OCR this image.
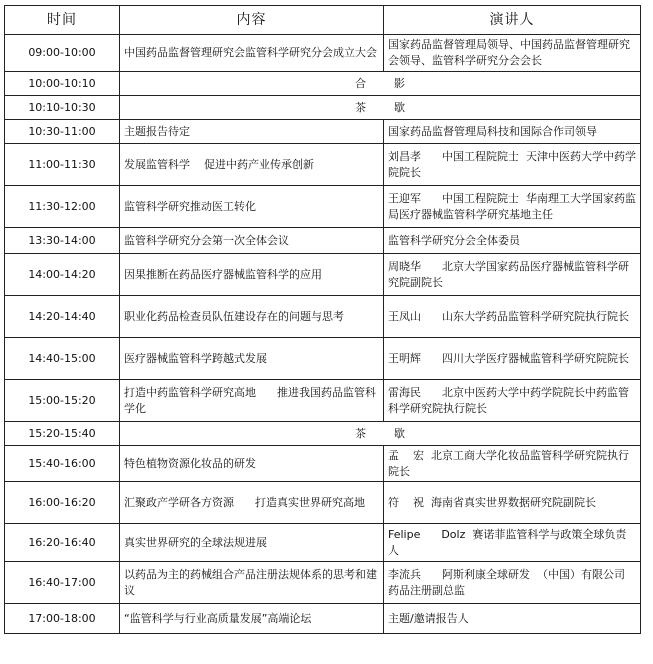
时间	内容	演讲人
09:00-10:00	中国药品监督管理研究会监管科学研究分会成立大会	国家药品监督管理局领导、中国药品监督管理研究会领导、监管科学研究分会会长
10:00-10:10	合        影	
10:10-10:30	茶        歇	
10:30-11:00	主题报告待定	国家药品监督管理局科技和国际合作司领导
11:00-11:30	发展监管科学    促进中药产业传承创新	刘昌孝      中国工程院院士  天津中医药大学中药学院院长
11:30-12:00	监管科学研究推动医工转化	王迎军      中国工程院院士  华南理工大学国家药监局医疗器械监管科学研究基地主任
13:30-14:00	监管科学研究分会第一次全体会议	监管科学研究分会全体委员
14:00-14:20	因果推断在药品医疗器械监管科学的应用	周晓华      北京大学国家药品医疗器械监管科学研究院副院长
14:20-14:40	职业化药品检查员队伍建设存在的问题与思考	王凤山      山东大学药品监管科学研究院执行院长
14:40-15:00	医疗器械监管科学跨越式发展	王明辉      四川大学医疗器械监管科学研究院院长
15:00-15:20	打造中药监管科学研究高地      推进我国药品监管科学化	雷海民      北京中医药大学中药学院院长中药监管科学研究院执行院长
15:20-15:40	茶        歇	
15:40-16:00	特色植物资源化妆品的研发	孟    宏  北京工商大学化妆品监管科学研究院执行院长
16:00-16:20	汇聚政产学研各方资源      打造真实世界研究高地	符    祝  海南省真实世界数据研究院副院长
16:20-16:40	真实世界研究的全球法规进展	Felipe      Dolz  赛诺菲监管科学与政策全球负责人
16:40-17:00	以药品为主的药械组合产品注册法规体系的思考和建议	李流兵      阿斯利康全球研发  （中国）有限公司  药品注册副总监
17:00-18:00	“监管科学与行业高质量发展”高端论坛	主题/邀请报告人
